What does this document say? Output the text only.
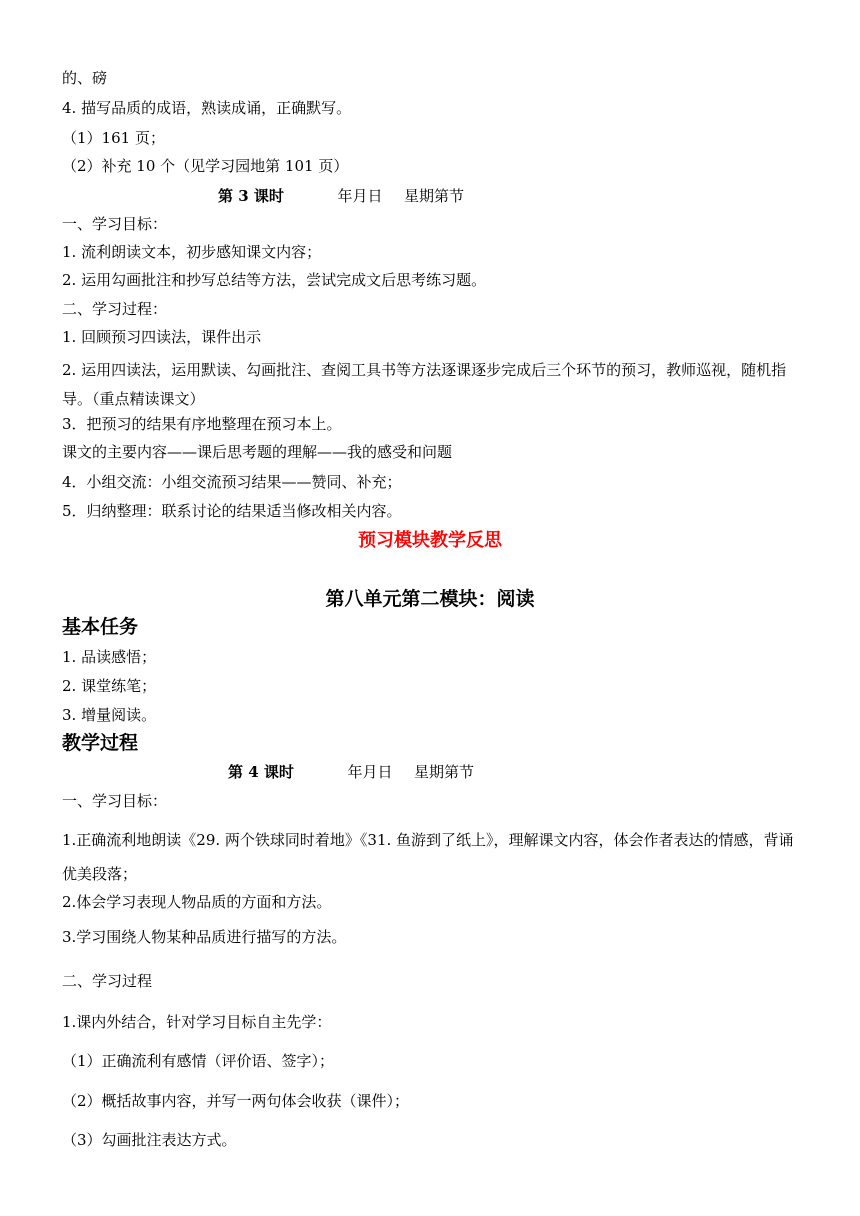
的、磅
4. 描写品质的成语，熟读成诵，正确默写。
（1）161 页；
（2）补充 10 个（见学习园地第 101 页）
第 3 课时	年月日 星期第节
一、学习目标：
1. 流利朗读文本，初步感知课文内容；
2. 运用勾画批注和抄写总结等方法，尝试完成文后思考练习题。
二、学习过程：
1. 回顾预习四读法，课件出示
2. 运用四读法，运用默读、勾画批注、查阅工具书等方法逐课逐步完成后三个环节的预习，教师巡视，随机指导。（重点精读课文）
3．把预习的结果有序地整理在预习本上。
课文的主要内容——课后思考题的理解——我的感受和问题
4．小组交流：小组交流预习结果——赞同、补充；
5．归纳整理：联系讨论的结果适当修改相关内容。
预习模块教学反思
第八单元第二模块：阅读
基本任务
1. 品读感悟；
2. 课堂练笔；
3. 增量阅读。
教学过程
第 4 课时	年月日 星期第节
一、学习目标：
1.正确流利地朗读《29. 两个铁球同时着地》《31. 鱼游到了纸上》，理解课文内容，体会作者表达的情感，背诵优美段落；
2.体会学习表现人物品质的方面和方法。
3.学习围绕人物某种品质进行描写的方法。
二、学习过程
1.课内外结合，针对学习目标自主先学：
（1）正确流利有感情（评价语、签字）；
（2）概括故事内容，并写一两句体会收获（课件）；
（3）勾画批注表达方式。
